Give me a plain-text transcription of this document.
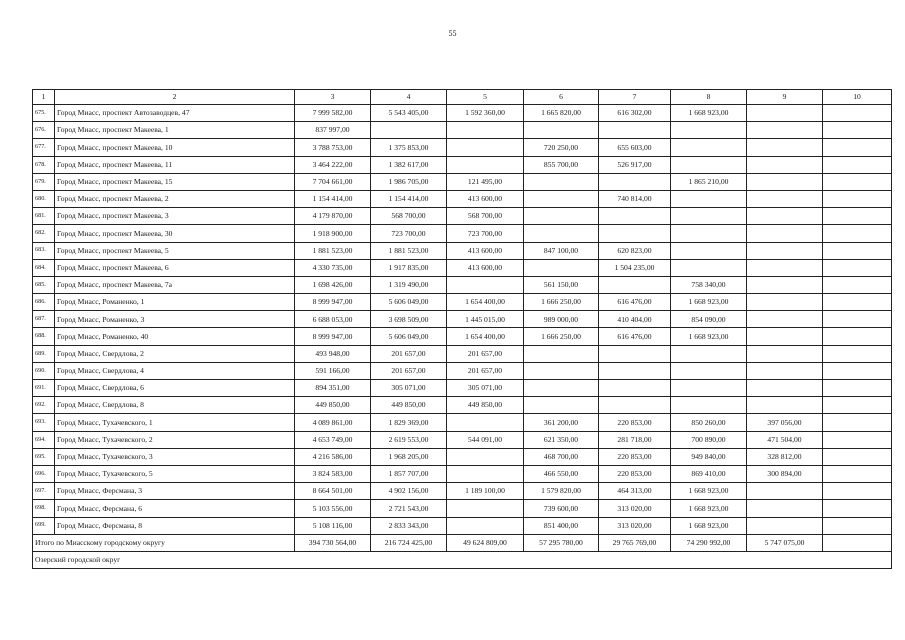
55
1	2	3	4	5	6	7	8	9	10
675.	Город Миасс, проспект Автозаводцев, 47	7 999 582,00	5 543 405,00	1 592 360,00	1 665 820,00	616 302,00	1 668 923,00		
676.	Город Миасс, проспект Макеева, 1	837 997,00							
677.	Город Миасс, проспект Макеева, 10	3 788 753,00	1 375 853,00		720 250,00	655 603,00			
678.	Город Миасс, проспект Макеева, 11	3 464 222,00	1 382 617,00		855 700,00	526 917,00			
679.	Город Миасс, проспект Макеева, 15	7 704 661,00	1 986 705,00	121 495,00			1 865 210,00		
680.	Город Миасс, проспект Макеева, 2	1 154 414,00	1 154 414,00	413 600,00		740 814,00			
681.	Город Миасс, проспект Макеева, 3	4 179 870,00	568 700,00	568 700,00					
682.	Город Миасс, проспект Макеева, 30	1 918 900,00	723 700,00	723 700,00					
683.	Город Миасс, проспект Макеева, 5	1 881 523,00	1 881 523,00	413 600,00	847 100,00	620 823,00			
684.	Город Миасс, проспект Макеева, 6	4 330 735,00	1 917 835,00	413 600,00		1 504 235,00			
685.	Город Миасс, проспект Макеева, 7а	1 698 426,00	1 319 490,00		561 150,00		758 340,00		
686.	Город Миасс, Романенко, 1	8 999 947,00	5 606 049,00	1 654 400,00	1 666 250,00	616 476,00	1 668 923,00		
687.	Город Миасс, Романенко, 3	6 688 053,00	3 698 509,00	1 445 015,00	989 000,00	410 404,00	854 090,00		
688.	Город Миасс, Романенко, 40	8 999 947,00	5 606 049,00	1 654 400,00	1 666 250,00	616 476,00	1 668 923,00		
689.	Город Миасс, Свердлова, 2	493 948,00	201 657,00	201 657,00					
690.	Город Миасс, Свердлова, 4	591 166,00	201 657,00	201 657,00					
691.	Город Миасс, Свердлова, 6	894 351,00	305 071,00	305 071,00					
692.	Город Миасс, Свердлова, 8	449 850,00	449 850,00	449 850,00					
693.	Город Миасс, Тухачевского, 1	4 089 861,00	1 829 369,00		361 200,00	220 853,00	850 260,00	397 056,00	
694.	Город Миасс, Тухачевского, 2	4 653 749,00	2 619 553,00	544 091,00	621 350,00	281 718,00	700 890,00	471 504,00	
695.	Город Миасс, Тухачевского, 3	4 216 586,00	1 968 205,00		468 700,00	220 853,00	949 840,00	328 812,00	
696.	Город Миасс, Тухачевского, 5	3 824 583,00	1 857 707,00		466 550,00	220 853,00	869 410,00	300 894,00	
697.	Город Миасс, Ферсмана, 3	8 664 501,00	4 902 156,00	1 189 100,00	1 579 820,00	464 313,00	1 668 923,00		
698.	Город Миасс, Ферсмана, 6	5 103 556,00	2 721 543,00		739 600,00	313 020,00	1 668 923,00		
699.	Город Миасс, Ферсмана, 8	5 108 116,00	2 833 343,00		851 400,00	313 020,00	1 668 923,00		
Итого по Миасскому городскому округу		394 730 564,00	216 724 425,00	49 624 809,00	57 295 780,00	29 765 769,00	74 290 992,00	5 747 075,00	
Озерский городской округ									
